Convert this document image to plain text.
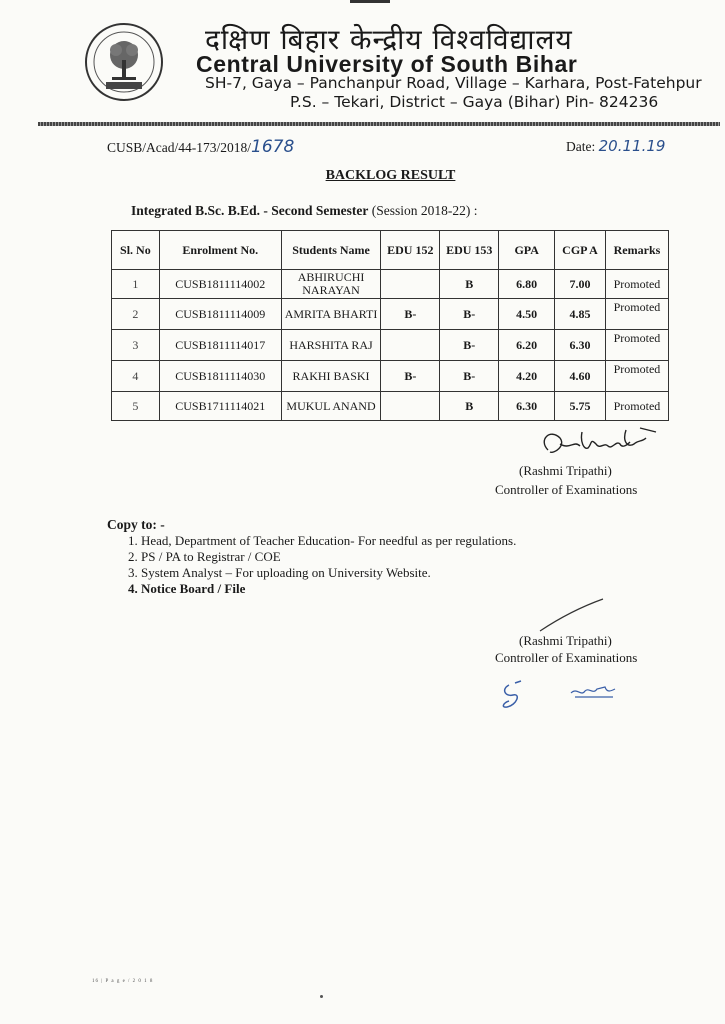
दक्षिण बिहार केन्द्रीय विश्वविद्यालय
Central University of South Bihar
SH-7, Gaya – Panchanpur Road, Village – Karhara, Post-Fatehpur
P.S. – Tekari, District – Gaya (Bihar) Pin- 824236
CUSB/Acad/44-173/2018/1678	Date: 20.11.19
BACKLOG RESULT
Integrated B.Sc. B.Ed. - Second Semester (Session 2018-22) :
Sl. No	Enrolment No.	Students Name	EDU 152	EDU 153	GPA	CGP A	Remarks
1	CUSB1811114002	ABHIRUCHI NARAYAN		B	6.80	7.00	Promoted
2	CUSB1811114009	AMRITA BHARTI	B-	B-	4.50	4.85	Promoted
3	CUSB1811114017	HARSHITA RAJ		B-	6.20	6.30	Promoted
4	CUSB1811114030	RAKHI BASKI	B-	B-	4.20	4.60	Promoted
5	CUSB1711114021	MUKUL ANAND		B	6.30	5.75	Promoted
(Rashmi Tripathi)
Controller of Examinations
Copy to: -
1. Head, Department of Teacher Education- For needful as per regulations.
2. PS / PA to Registrar / COE
3. System Analyst – For uploading on University Website.
4. Notice Board / File
(Rashmi Tripathi)
Controller of Examinations
16 | P a g e / 2 0 1 8
